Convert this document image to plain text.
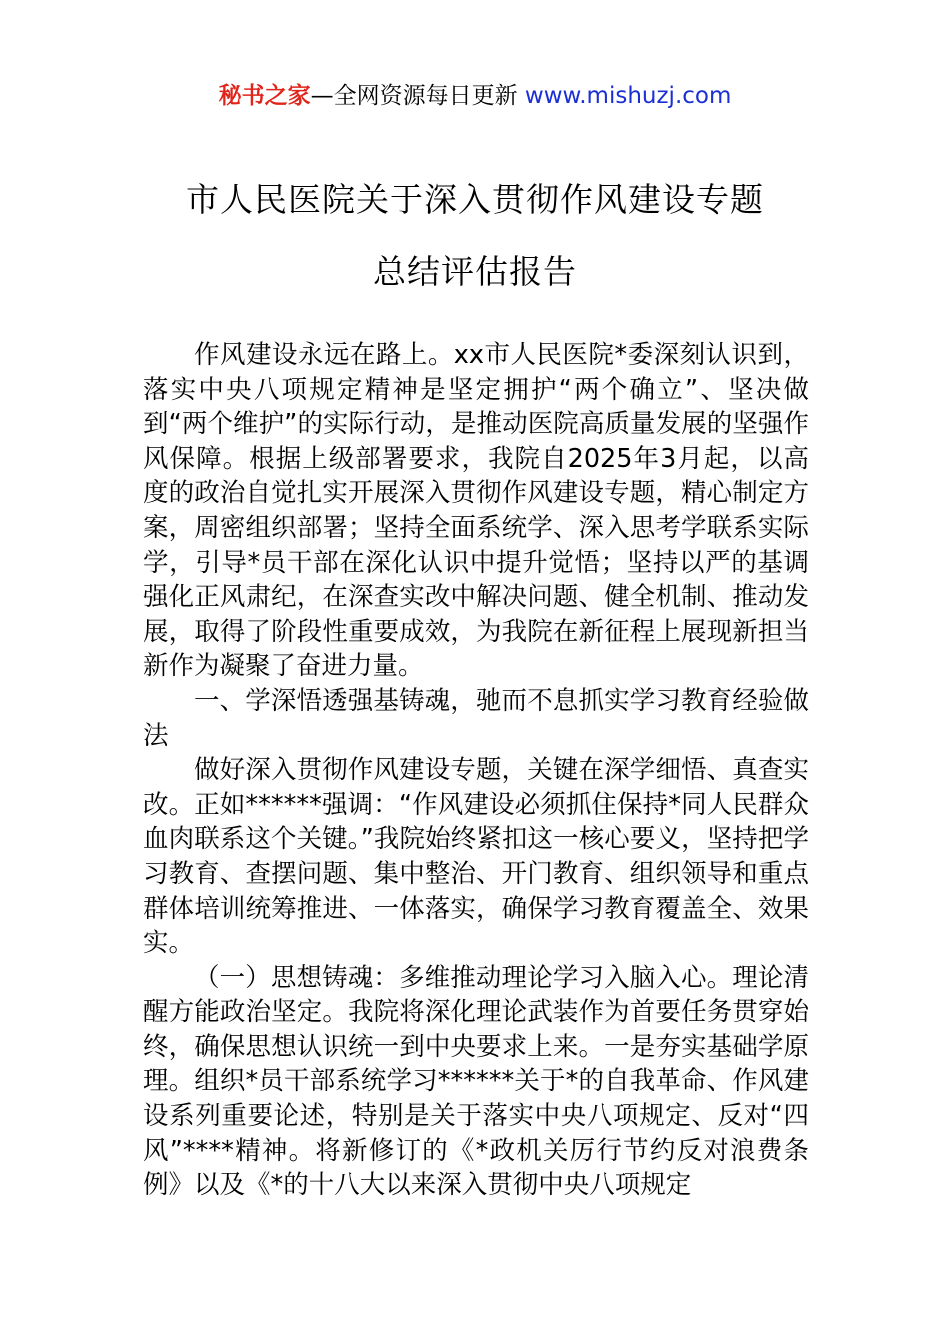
秘书之家—全网资源每日更新 www.mishuzj.com
市人民医院关于深入贯彻作风建设专题
总结评估报告

作风建设永远在路上。xx市人民医院*委深刻认识到，落实中央八项规定精神是坚定拥护“两个确立”、坚决做到“两个维护”的实际行动，是推动医院高质量发展的坚强作风保障。根据上级部署要求，我院自2025年3月起，以高度的政治自觉扎实开展深入贯彻作风建设专题，精心制定方案，周密组织部署；坚持全面系统学、深入思考学联系实际学，引导*员干部在深化认识中提升觉悟；坚持以严的基调强化正风肃纪，在深查实改中解决问题、健全机制、推动发展，取得了阶段性重要成效，为我院在新征程上展现新担当新作为凝聚了奋进力量。

一、学深悟透强基铸魂，驰而不息抓实学习教育经验做法

做好深入贯彻作风建设专题，关键在深学细悟、真查实改。正如******强调：“作风建设必须抓住保持*同人民群众血肉联系这个关键。”我院始终紧扣这一核心要义，坚持把学习教育、查摆问题、集中整治、开门教育、组织领导和重点群体培训统筹推进、一体落实，确保学习教育覆盖全、效果实。

（一）思想铸魂：多维推动理论学习入脑入心。理论清醒方能政治坚定。我院将深化理论武装作为首要任务贯穿始终，确保思想认识统一到中央要求上来。一是夯实基础学原理。组织*员干部系统学习******关于*的自我革命、作风建设系列重要论述，特别是关于落实中央八项规定、反对“四风”****精神。将新修订的《*政机关厉行节约反对浪费条例》以及《*的十八大以来深入贯彻中央八项规定
